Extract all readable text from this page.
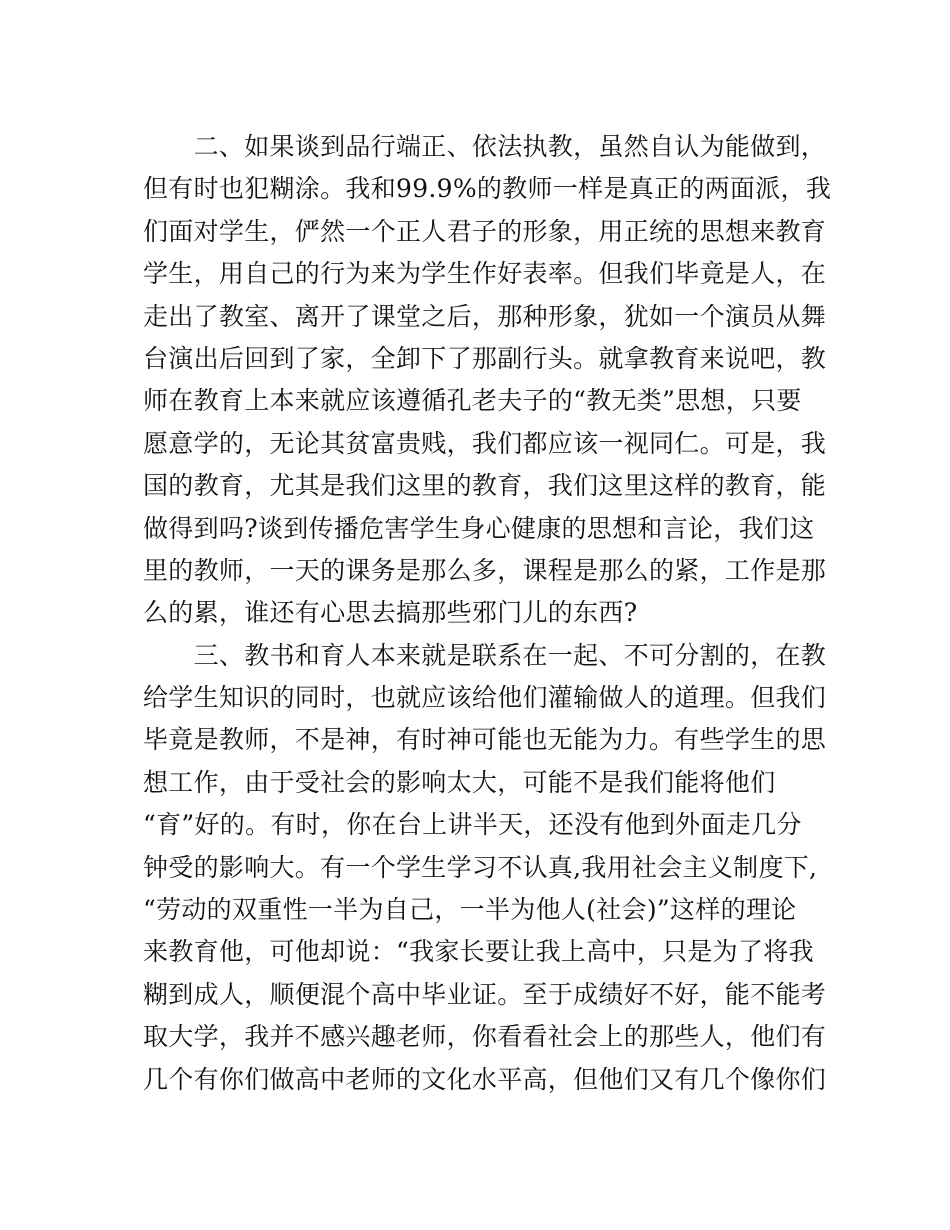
　　二、如果谈到品行端正、依法执教，虽然自认为能做到，
但有时也犯糊涂。我和99.9%的教师一样是真正的两面派，我
们面对学生，俨然一个正人君子的形象，用正统的思想来教育
学生，用自己的行为来为学生作好表率。但我们毕竟是人，在
走出了教室、离开了课堂之后，那种形象，犹如一个演员从舞
台演出后回到了家，全卸下了那副行头。就拿教育来说吧，教
师在教育上本来就应该遵循孔老夫子的“教无类”思想，只要
愿意学的，无论其贫富贵贱，我们都应该一视同仁。可是，我
国的教育，尤其是我们这里的教育，我们这里这样的教育，能
做得到吗?谈到传播危害学生身心健康的思想和言论，我们这
里的教师，一天的课务是那么多，课程是那么的紧，工作是那
么的累，谁还有心思去搞那些邪门儿的东西?
　　三、教书和育人本来就是联系在一起、不可分割的，在教
给学生知识的同时，也就应该给他们灌输做人的道理。但我们
毕竟是教师，不是神，有时神可能也无能为力。有些学生的思
想工作，由于受社会的影响太大，可能不是我们能将他们
“育”好的。有时，你在台上讲半天，还没有他到外面走几分
钟受的影响大。有一个学生学习不认真,我用社会主义制度下,
“劳动的双重性一半为自己，一半为他人(社会)”这样的理论
来教育他，可他却说：“我家长要让我上高中，只是为了将我
糊到成人，顺便混个高中毕业证。至于成绩好不好，能不能考
取大学，我并不感兴趣老师，你看看社会上的那些人，他们有
几个有你们做高中老师的文化水平高，但他们又有几个像你们
